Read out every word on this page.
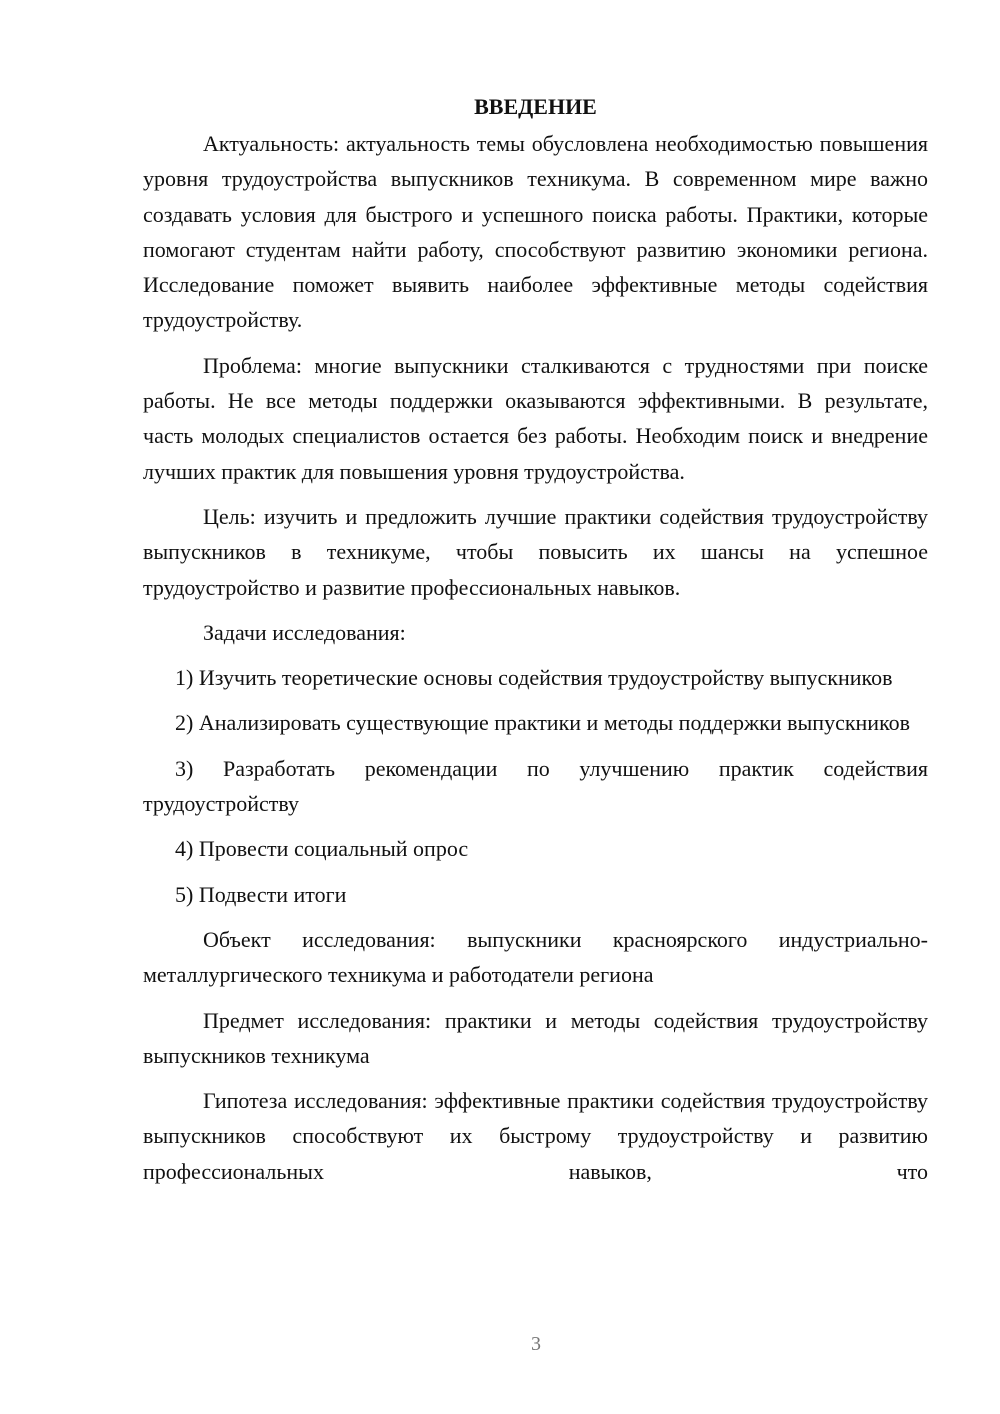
ВВЕДЕНИЕ

Актуальность: актуальность темы обусловлена необходимостью повышения уровня трудоустройства выпускников техникума. В современном мире важно создавать условия для быстрого и успешного поиска работы. Практики, которые помогают студентам найти работу, способствуют развитию экономики региона. Исследование поможет выявить наиболее эффективные методы содействия трудоустройству.

Проблема: многие выпускники сталкиваются с трудностями при поиске работы. Не все методы поддержки оказываются эффективными. В результате, часть молодых специалистов остается без работы. Необходим поиск и внедрение лучших практик для повышения уровня трудоустройства.

Цель: изучить и предложить лучшие практики содействия трудоустройству выпускников в техникуме, чтобы повысить их шансы на успешное трудоустройство и развитие профессиональных навыков.

Задачи исследования:

1) Изучить теоретические основы содействия трудоустройству выпускников

2) Анализировать существующие практики и методы поддержки выпускников

3) Разработать рекомендации по улучшению практик содействия трудоустройству

4) Провести социальный опрос

5) Подвести итоги

Объект исследования: выпускники красноярского индустриально-металлургического техникума и работодатели региона

Предмет исследования: практики и методы содействия трудоустройству выпускников техникума

Гипотеза исследования: эффективные практики содействия трудоустройству выпускников способствуют их быстрому трудоустройству и развитию профессиональных навыков, что

3
